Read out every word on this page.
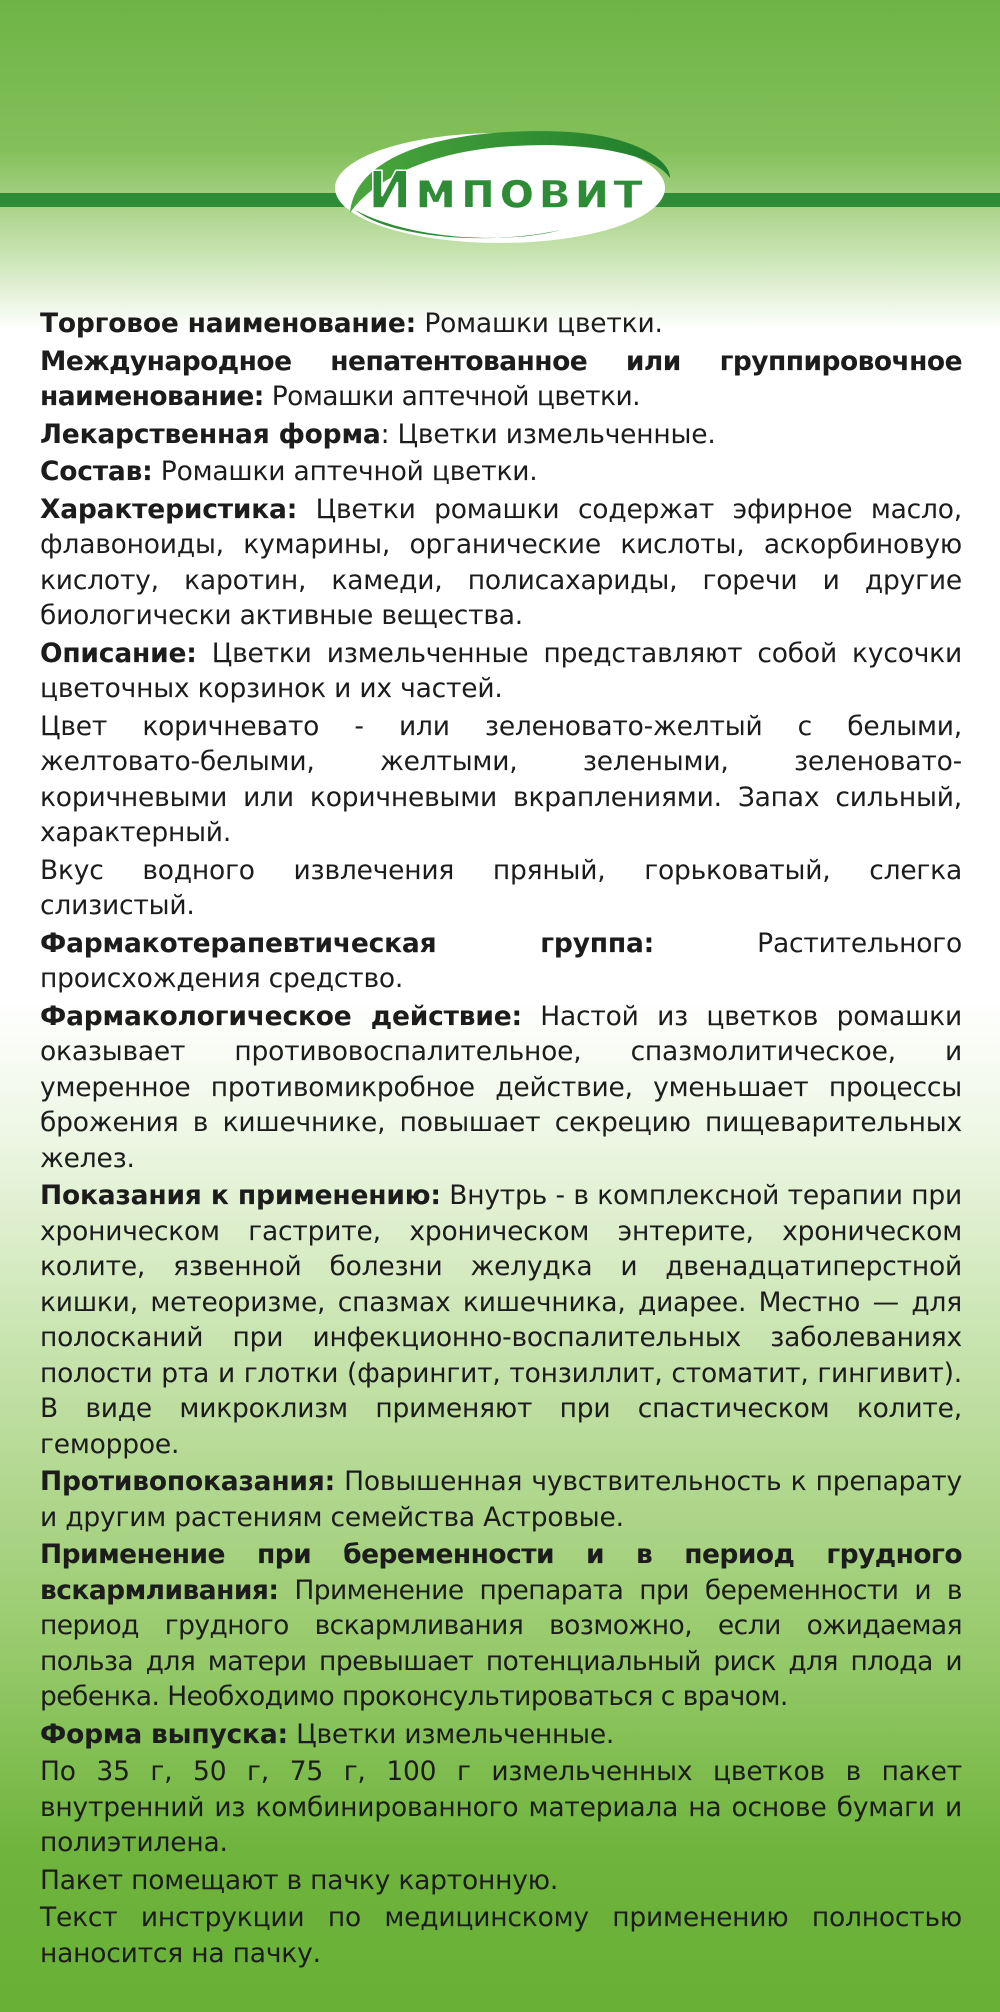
Имповит

Торговое наименование: Ромашки цветки.

Международное непатентованное или группировочное наименование: Ромашки аптечной цветки.

Лекарственная форма: Цветки измельченные.

Состав: Ромашки аптечной цветки.

Характеристика: Цветки ромашки содержат эфирное масло, флавоноиды, кумарины, органические кислоты, аскорбиновую кислоту, каротин, камеди, полисахариды, горечи и другие биологически активные вещества.

Описание: Цветки измельченные представляют собой кусочки цветочных корзинок и их частей.

Цвет коричневато - или зеленовато-желтый с белыми, желтовато-белыми, желтыми, зелеными, зеленовато-коричневыми или коричневыми вкраплениями. Запах сильный, характерный.

Вкус водного извлечения пряный, горьковатый, слегка слизистый.

Фармакотерапевтическая группа: Растительного происхождения средство.

Фармакологическое действие: Настой из цветков ромашки оказывает противовоспалительное, спазмолитическое, и умеренное противомикробное действие, уменьшает процессы брожения в кишечнике, повышает секрецию пищеварительных желез.

Показания к применению: Внутрь - в комплексной терапии при хроническом гастрите, хроническом энтерите, хроническом колите, язвенной болезни желудка и двенадцатиперстной кишки, метеоризме, спазмах кишечника, диарее. Местно — для полосканий при инфекционно-воспалительных заболеваниях полости рта и глотки (фарингит, тонзиллит, стоматит, гингивит). В виде микроклизм применяют при спастическом колите, геморрое.

Противопоказания: Повышенная чувствительность к препарату и другим растениям семейства Астровые.

Применение при беременности и в период грудного вскармливания: Применение препарата при беременности и в период грудного вскармливания возможно, если ожидаемая польза для матери превышает потенциальный риск для плода и ребенка. Необходимо проконсультироваться с врачом.

Форма выпуска: Цветки измельченные.

По 35 г, 50 г, 75 г, 100 г измельченных цветков в пакет внутренний из комбинированного материала на основе бумаги и полиэтилена.

Пакет помещают в пачку картонную.

Текст инструкции по медицинскому применению полностью наносится на пачку.
